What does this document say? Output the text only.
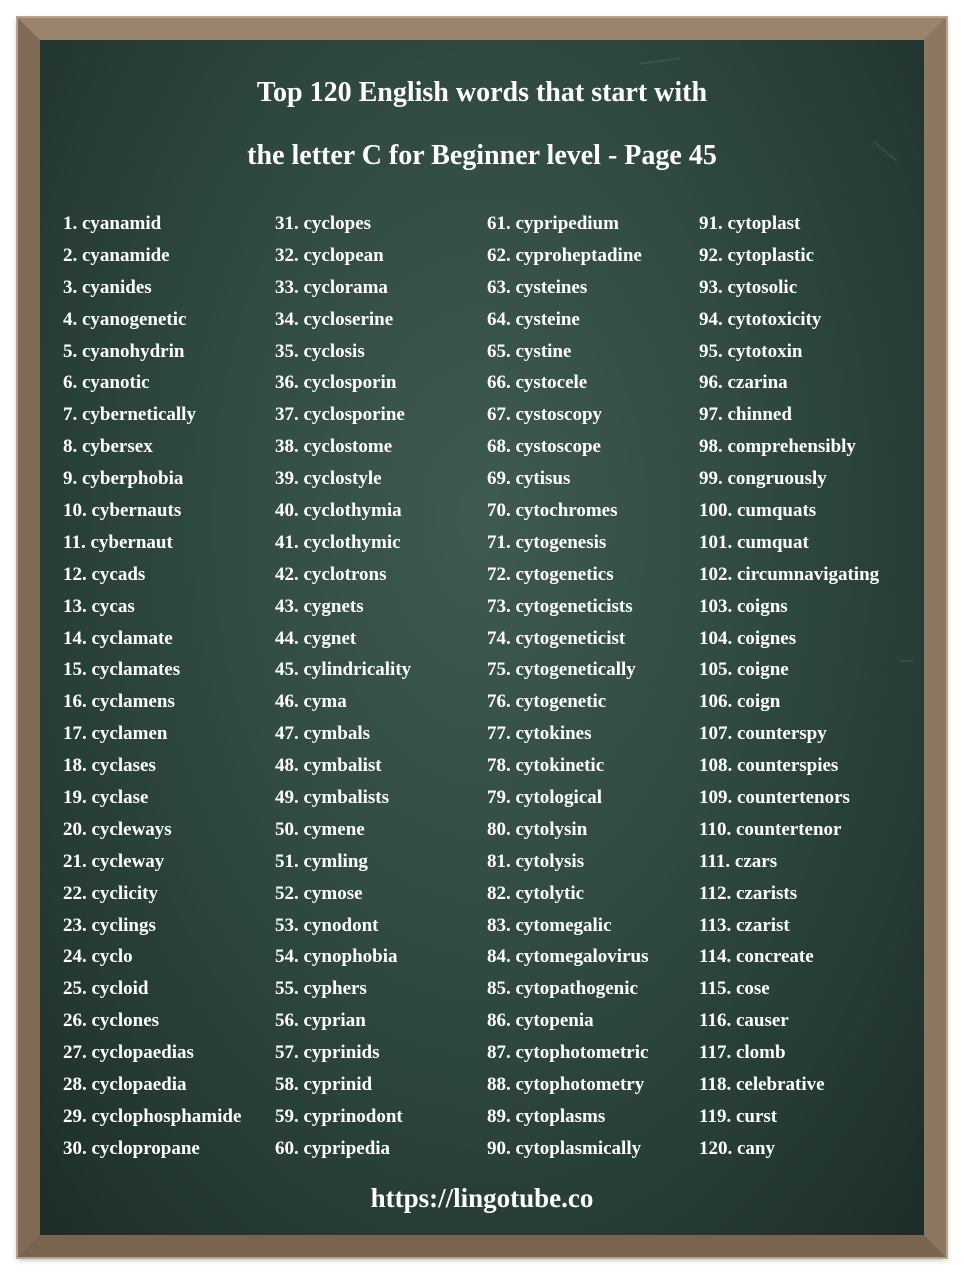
Top 120 English words that start with
the letter C for Beginner level - Page 45
1. cyanamid
2. cyanamide
3. cyanides
4. cyanogenetic
5. cyanohydrin
6. cyanotic
7. cybernetically
8. cybersex
9. cyberphobia
10. cybernauts
11. cybernaut
12. cycads
13. cycas
14. cyclamate
15. cyclamates
16. cyclamens
17. cyclamen
18. cyclases
19. cyclase
20. cycleways
21. cycleway
22. cyclicity
23. cyclings
24. cyclo
25. cycloid
26. cyclones
27. cyclopaedias
28. cyclopaedia
29. cyclophosphamide
30. cyclopropane
31. cyclopes
32. cyclopean
33. cyclorama
34. cycloserine
35. cyclosis
36. cyclosporin
37. cyclosporine
38. cyclostome
39. cyclostyle
40. cyclothymia
41. cyclothymic
42. cyclotrons
43. cygnets
44. cygnet
45. cylindricality
46. cyma
47. cymbals
48. cymbalist
49. cymbalists
50. cymene
51. cymling
52. cymose
53. cynodont
54. cynophobia
55. cyphers
56. cyprian
57. cyprinids
58. cyprinid
59. cyprinodont
60. cypripedia
61. cypripedium
62. cyproheptadine
63. cysteines
64. cysteine
65. cystine
66. cystocele
67. cystoscopy
68. cystoscope
69. cytisus
70. cytochromes
71. cytogenesis
72. cytogenetics
73. cytogeneticists
74. cytogeneticist
75. cytogenetically
76. cytogenetic
77. cytokines
78. cytokinetic
79. cytological
80. cytolysin
81. cytolysis
82. cytolytic
83. cytomegalic
84. cytomegalovirus
85. cytopathogenic
86. cytopenia
87. cytophotometric
88. cytophotometry
89. cytoplasms
90. cytoplasmically
91. cytoplast
92. cytoplastic
93. cytosolic
94. cytotoxicity
95. cytotoxin
96. czarina
97. chinned
98. comprehensibly
99. congruously
100. cumquats
101. cumquat
102. circumnavigating
103. coigns
104. coignes
105. coigne
106. coign
107. counterspy
108. counterspies
109. countertenors
110. countertenor
111. czars
112. czarists
113. czarist
114. concreate
115. cose
116. causer
117. clomb
118. celebrative
119. curst
120. cany
https://lingotube.co
